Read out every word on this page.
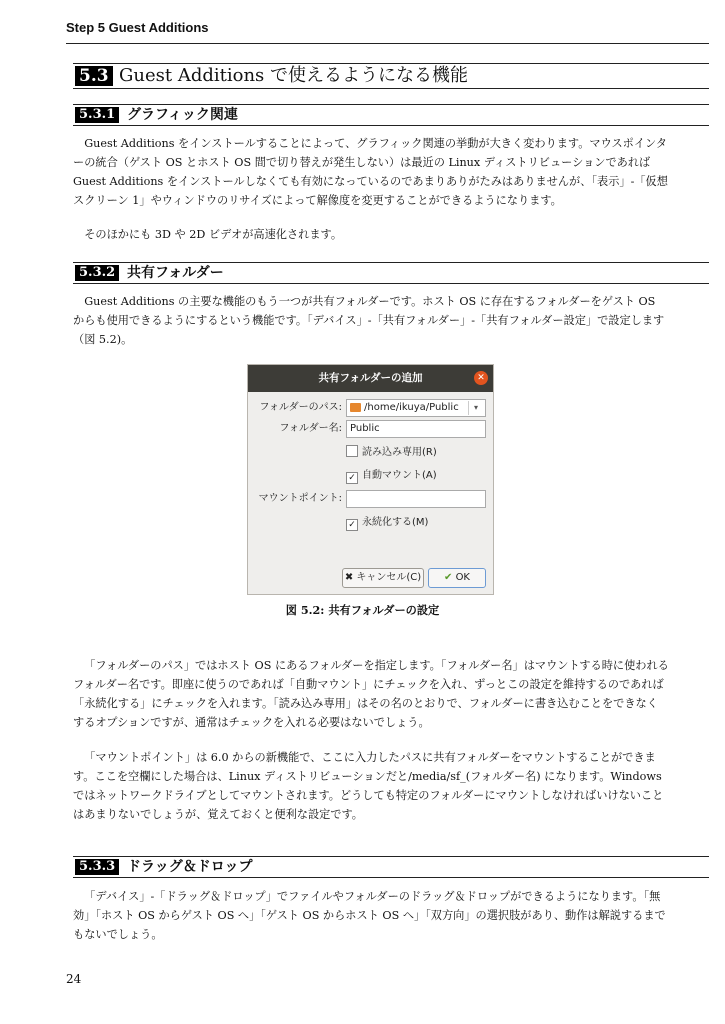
Step 5 Guest Additions
5.3 Guest Additions で使えるようになる機能
5.3.1 グラフィック関連

Guest Additions をインストールすることによって、グラフィック関連の挙動が大きく変わります。マウスポインターの統合（ゲスト OS とホスト OS 間で切り替えが発生しない）は最近の Linux ディストリビューションであれば Guest Additions をインストールしなくても有効になっているのであまりありがたみはありませんが、「表示」-「仮想スクリーン 1」やウィンドウのリサイズによって解像度を変更することができるようになります。

そのほかにも 3D や 2D ビデオが高速化されます。

5.3.2 共有フォルダー

Guest Additions の主要な機能のもう一つが共有フォルダーです。ホスト OS に存在するフォルダーをゲスト OS からも使用できるようにするという機能です。「デバイス」-「共有フォルダー」-「共有フォルダー設定」で設定します（図 5.2)。

共有フォルダーの追加	✕
フォルダーのパス: /home/ikuya/Public	▾
フォルダー名: Public
読み込み専用(R)
✓ 自動マウント(A)
マウントポイント:
✓ 永続化する(M)
✖ キャンセル(C)	✔ OK

図 5.2: 共有フォルダーの設定

「フォルダーのパス」ではホスト OS にあるフォルダーを指定します。「フォルダー名」はマウントする時に使われるフォルダー名です。即座に使うのであれば「自動マウント」にチェックを入れ、ずっとこの設定を維持するのであれば「永続化する」にチェックを入れます。「読み込み専用」はその名のとおりで、フォルダーに書き込むことをできなくするオプションですが、通常はチェックを入れる必要はないでしょう。

「マウントポイント」は 6.0 からの新機能で、ここに入力したパスに共有フォルダーをマウントすることができます。ここを空欄にした場合は、Linux ディストリビューションだと/media/sf_(フォルダー名) になります。Windows ではネットワークドライブとしてマウントされます。どうしても特定のフォルダーにマウントしなければいけないことはあまりないでしょうが、覚えておくと便利な設定です。

5.3.3 ドラッグ＆ドロップ

「デバイス」-「ドラッグ＆ドロップ」でファイルやフォルダーのドラッグ＆ドロップができるようになります。「無効」「ホスト OS からゲスト OS へ」「ゲスト OS からホスト OS へ」「双方向」の選択肢があり、動作は解説するまでもないでしょう。

24
